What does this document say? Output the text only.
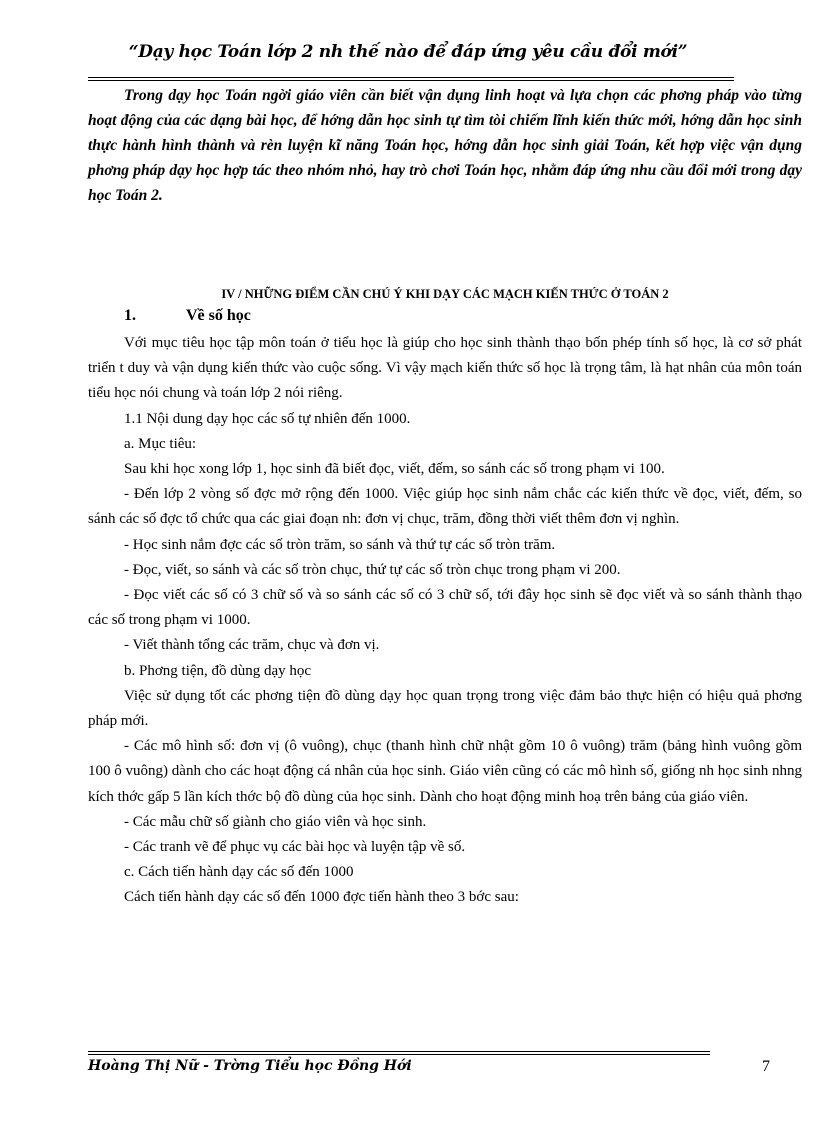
“Dạy học Toán lớp 2 nh thế nào để đáp ứng yêu cầu đổi mới”

Trong dạy học Toán ngời giáo viên cần biết vận dụng linh hoạt và lựa chọn các phơng pháp vào từng hoạt động của các dạng bài học, để hớng dẫn học sinh tự tìm tòi chiếm lĩnh kiến thức mới, hớng dẫn học sinh thực hành hình thành và rèn luyện kĩ năng Toán học, hớng dẫn học sinh giải Toán, kết hợp việc vận dụng phơng pháp dạy học hợp tác theo nhóm nhỏ, hay trò chơi Toán học, nhằm đáp ứng nhu cầu đổi mới trong dạy học Toán 2.

IV / NHỮNG ĐIỂM CẦN CHÚ Ý KHI DẠY CÁC MẠCH KIẾN THỨC Ở TOÁN 2

1.	Về số học

Với mục tiêu học tập môn toán ở tiểu học là giúp cho học sinh thành thạo bốn phép tính số học, là cơ sở phát triển t duy và vận dụng kiến thức vào cuộc sống. Vì vậy mạch kiến thức số học là trọng tâm, là hạt nhân của môn toán tiểu học nói chung và toán lớp 2 nói riêng.

1.1 Nội dung dạy học các số tự nhiên đến 1000.

a. Mục tiêu:

Sau khi học xong lớp 1, học sinh đã biết đọc, viết, đếm, so sánh các số trong phạm vi 100.

- Đến lớp 2 vòng số đợc mở rộng đến 1000. Việc giúp học sinh nắm chắc các kiến thức về đọc, viết, đếm, so sánh các số đợc tổ chức qua các giai đoạn nh: đơn vị chục, trăm, đồng thời viết thêm đơn vị nghìn.

- Học sinh nắm đợc các số tròn trăm, so sánh và thứ tự các số tròn trăm.

- Đọc, viết, so sánh và các số tròn chục, thứ tự các số tròn chục trong phạm vi 200.

- Đọc viết các số có 3 chữ số và so sánh các số có 3 chữ số, tới đây học sinh sẽ đọc viết và so sánh thành thạo các số trong phạm vi 1000.

- Viết thành tổng các trăm, chục và đơn vị.

b. Phơng tiện, đồ dùng dạy học

Việc sử dụng tốt các phơng tiện đồ dùng dạy học quan trọng trong việc đảm bảo thực hiện có hiệu quả phơng pháp mới.

- Các mô hình số: đơn vị (ô vuông), chục (thanh hình chữ nhật gồm 10 ô vuông) trăm (bảng hình vuông gồm 100 ô vuông) dành cho các hoạt động cá nhân của học sinh. Giáo viên cũng có các mô hình số, giống nh học sinh nhng kích thớc gấp 5 lần kích thớc bộ đồ dùng của học sinh. Dành cho hoạt động minh hoạ trên bảng của giáo viên.

- Các mẫu chữ số giành cho giáo viên và học sinh.

- Các tranh vẽ để phục vụ các bài học và luyện tập về số.

c. Cách tiến hành dạy các số đến 1000

Cách tiến hành dạy các số đến 1000 đợc tiến hành theo 3 bớc sau:

Hoàng Thị Nữ - Trờng Tiểu học Đồng Hới	7
